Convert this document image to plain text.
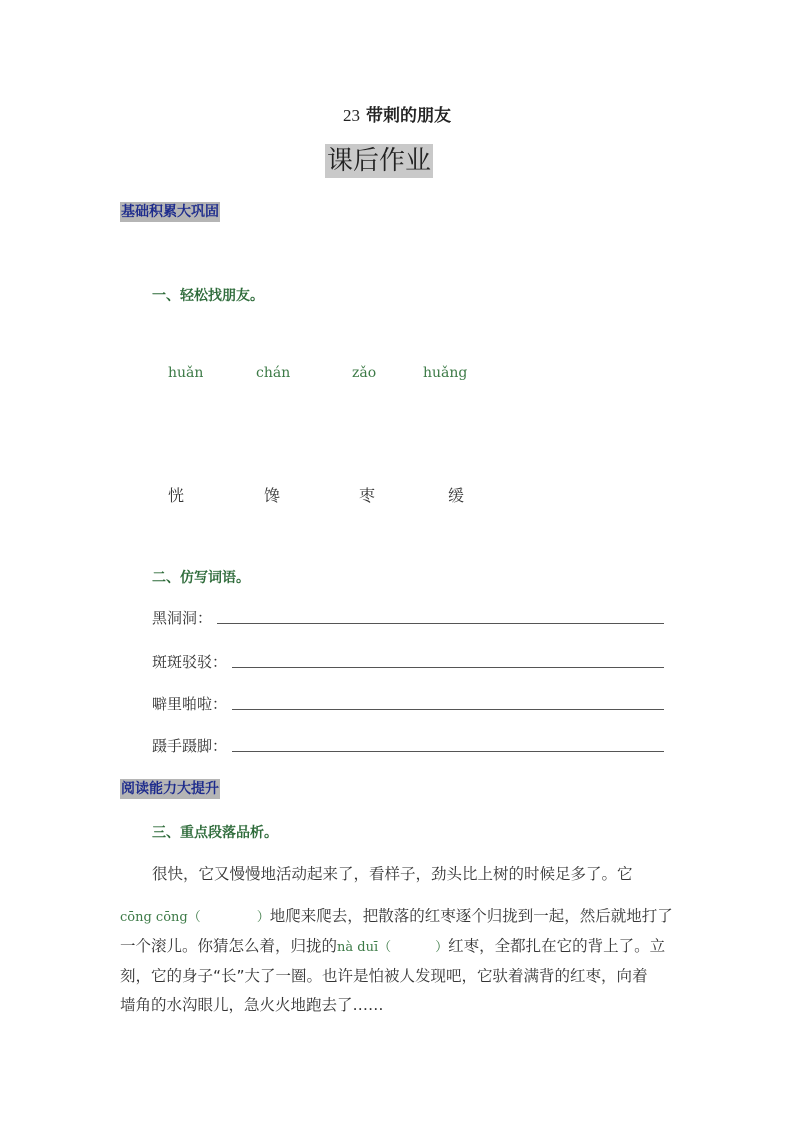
23 带刺的朋友
课后作业
基础积累大巩固
一、轻松找朋友。
huǎn	chán	zǎo	huǎng
恍	馋	枣	缓
二、仿写词语。
黑洞洞：
斑斑驳驳：
噼里啪啦：
蹑手蹑脚：
阅读能力大提升
三、重点段落品析。
很快，它又慢慢地活动起来了，看样子，劲头比上树的时候足多了。它
cōng cōng（	）地爬来爬去，把散落的红枣逐个归拢到一起，然后就地打了
一个滚儿。你猜怎么着，归拢的nà duī（	）红枣，全都扎在它的背上了。立
刻，它的身子“长”大了一圈。也许是怕被人发现吧，它驮着满背的红枣，向着
墙角的水沟眼儿，急火火地跑去了……
